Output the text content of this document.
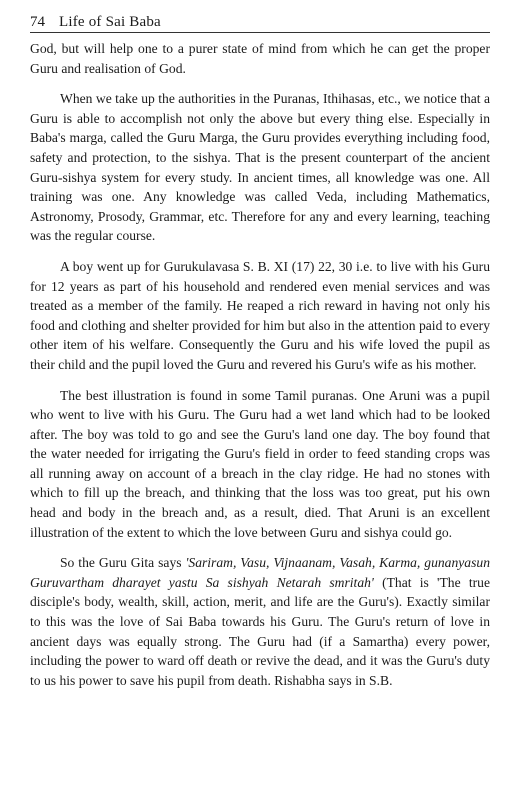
74 Life of Sai Baba

God, but will help one to a purer state of mind from which he can get the proper Guru and realisation of God.

When we take up the authorities in the Puranas, Ithihasas, etc., we notice that a Guru is able to accomplish not only the above but every thing else. Especially in Baba's marga, called the Guru Marga, the Guru provides everything including food, safety and protection, to the sishya. That is the present counterpart of the ancient Guru-sishya system for every study. In ancient times, all knowledge was one. All training was one. Any knowledge was called Veda, including Mathematics, Astronomy, Prosody, Grammar, etc. Therefore for any and every learning, teaching was the regular course.

A boy went up for Gurukulavasa S. B. XI (17) 22, 30 i.e. to live with his Guru for 12 years as part of his household and rendered even menial services and was treated as a member of the family. He reaped a rich reward in having not only his food and clothing and shelter provided for him but also in the attention paid to every other item of his welfare. Consequently the Guru and his wife loved the pupil as their child and the pupil loved the Guru and revered his Guru's wife as his mother.

The best illustration is found in some Tamil puranas. One Aruni was a pupil who went to live with his Guru. The Guru had a wet land which had to be looked after. The boy was told to go and see the Guru's land one day. The boy found that the water needed for irrigating the Guru's field in order to feed standing crops was all running away on account of a breach in the clay ridge. He had no stones with which to fill up the breach, and thinking that the loss was too great, put his own head and body in the breach and, as a result, died. That Aruni is an excellent illustration of the extent to which the love between Guru and sishya could go.

So the Guru Gita says 'Sariram, Vasu, Vijnaanam, Vasah, Karma, gunanyasun Guruvartham dharayet yastu Sa sishyah Netarah smritah' (That is 'The true disciple's body, wealth, skill, action, merit, and life are the Guru's). Exactly similar to this was the love of Sai Baba towards his Guru. The Guru's return of love in ancient days was equally strong. The Guru had (if a Samartha) every power, including the power to ward off death or revive the dead, and it was the Guru's duty to us his power to save his pupil from death. Rishabha says in S.B.
